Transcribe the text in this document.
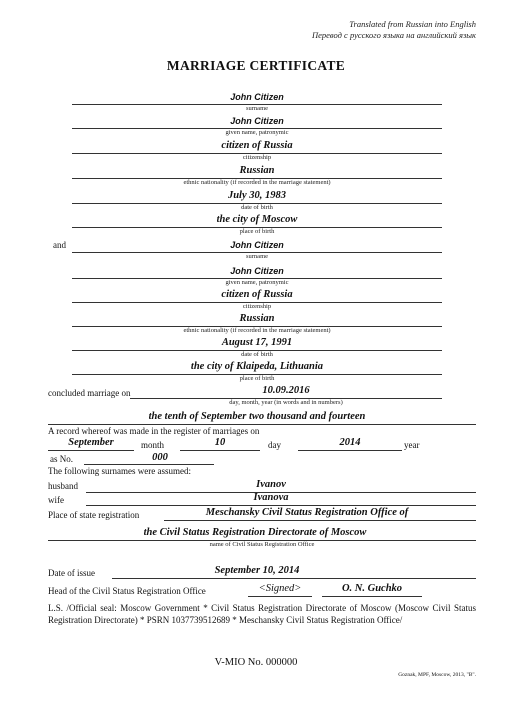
Translated from Russian into English
Перевод с русского языка на английский язык
MARRIAGE CERTIFICATE
John Citizen
surname
John Citizen
given name, patronymic
citizen of Russia
citizenship
Russian
ethnic nationality (if recorded in the marriage statement)
July 30, 1983
date of birth
the city of Moscow
place of birth
and	John Citizen
surname
John Citizen
given name, patronymic
citizen of Russia
citizenship
Russian
ethnic nationality (if recorded in the marriage statement)
August 17, 1991
date of birth
the city of Klaipeda, Lithuania
place of birth
concluded marriage on	10.09.2016
day, month, year (in words and in numbers)
the tenth of September two thousand and fourteen
A record whereof was made in the register of marriages on
September	month	10	day	2014	year
as No.	000
The following surnames were assumed:
husband	Ivanov
wife	Ivanova
Place of state registration	Meschansky Civil Status Registration Office of
the Civil Status Registration Directorate of Moscow
name of Civil Status Registration Office
Date of issue	September 10, 2014
Head of the Civil Status Registration Office	<Signed>	O. N. Guchko
L.S. /Official seal: Moscow Government * Civil Status Registration Directorate of Moscow (Moscow Civil Status Registration Directorate) * PSRN 1037739512689 * Meschansky Civil Status Registration Office/
V-MIO No. 000000
Goznak, MPF, Moscow, 2013, "B".
